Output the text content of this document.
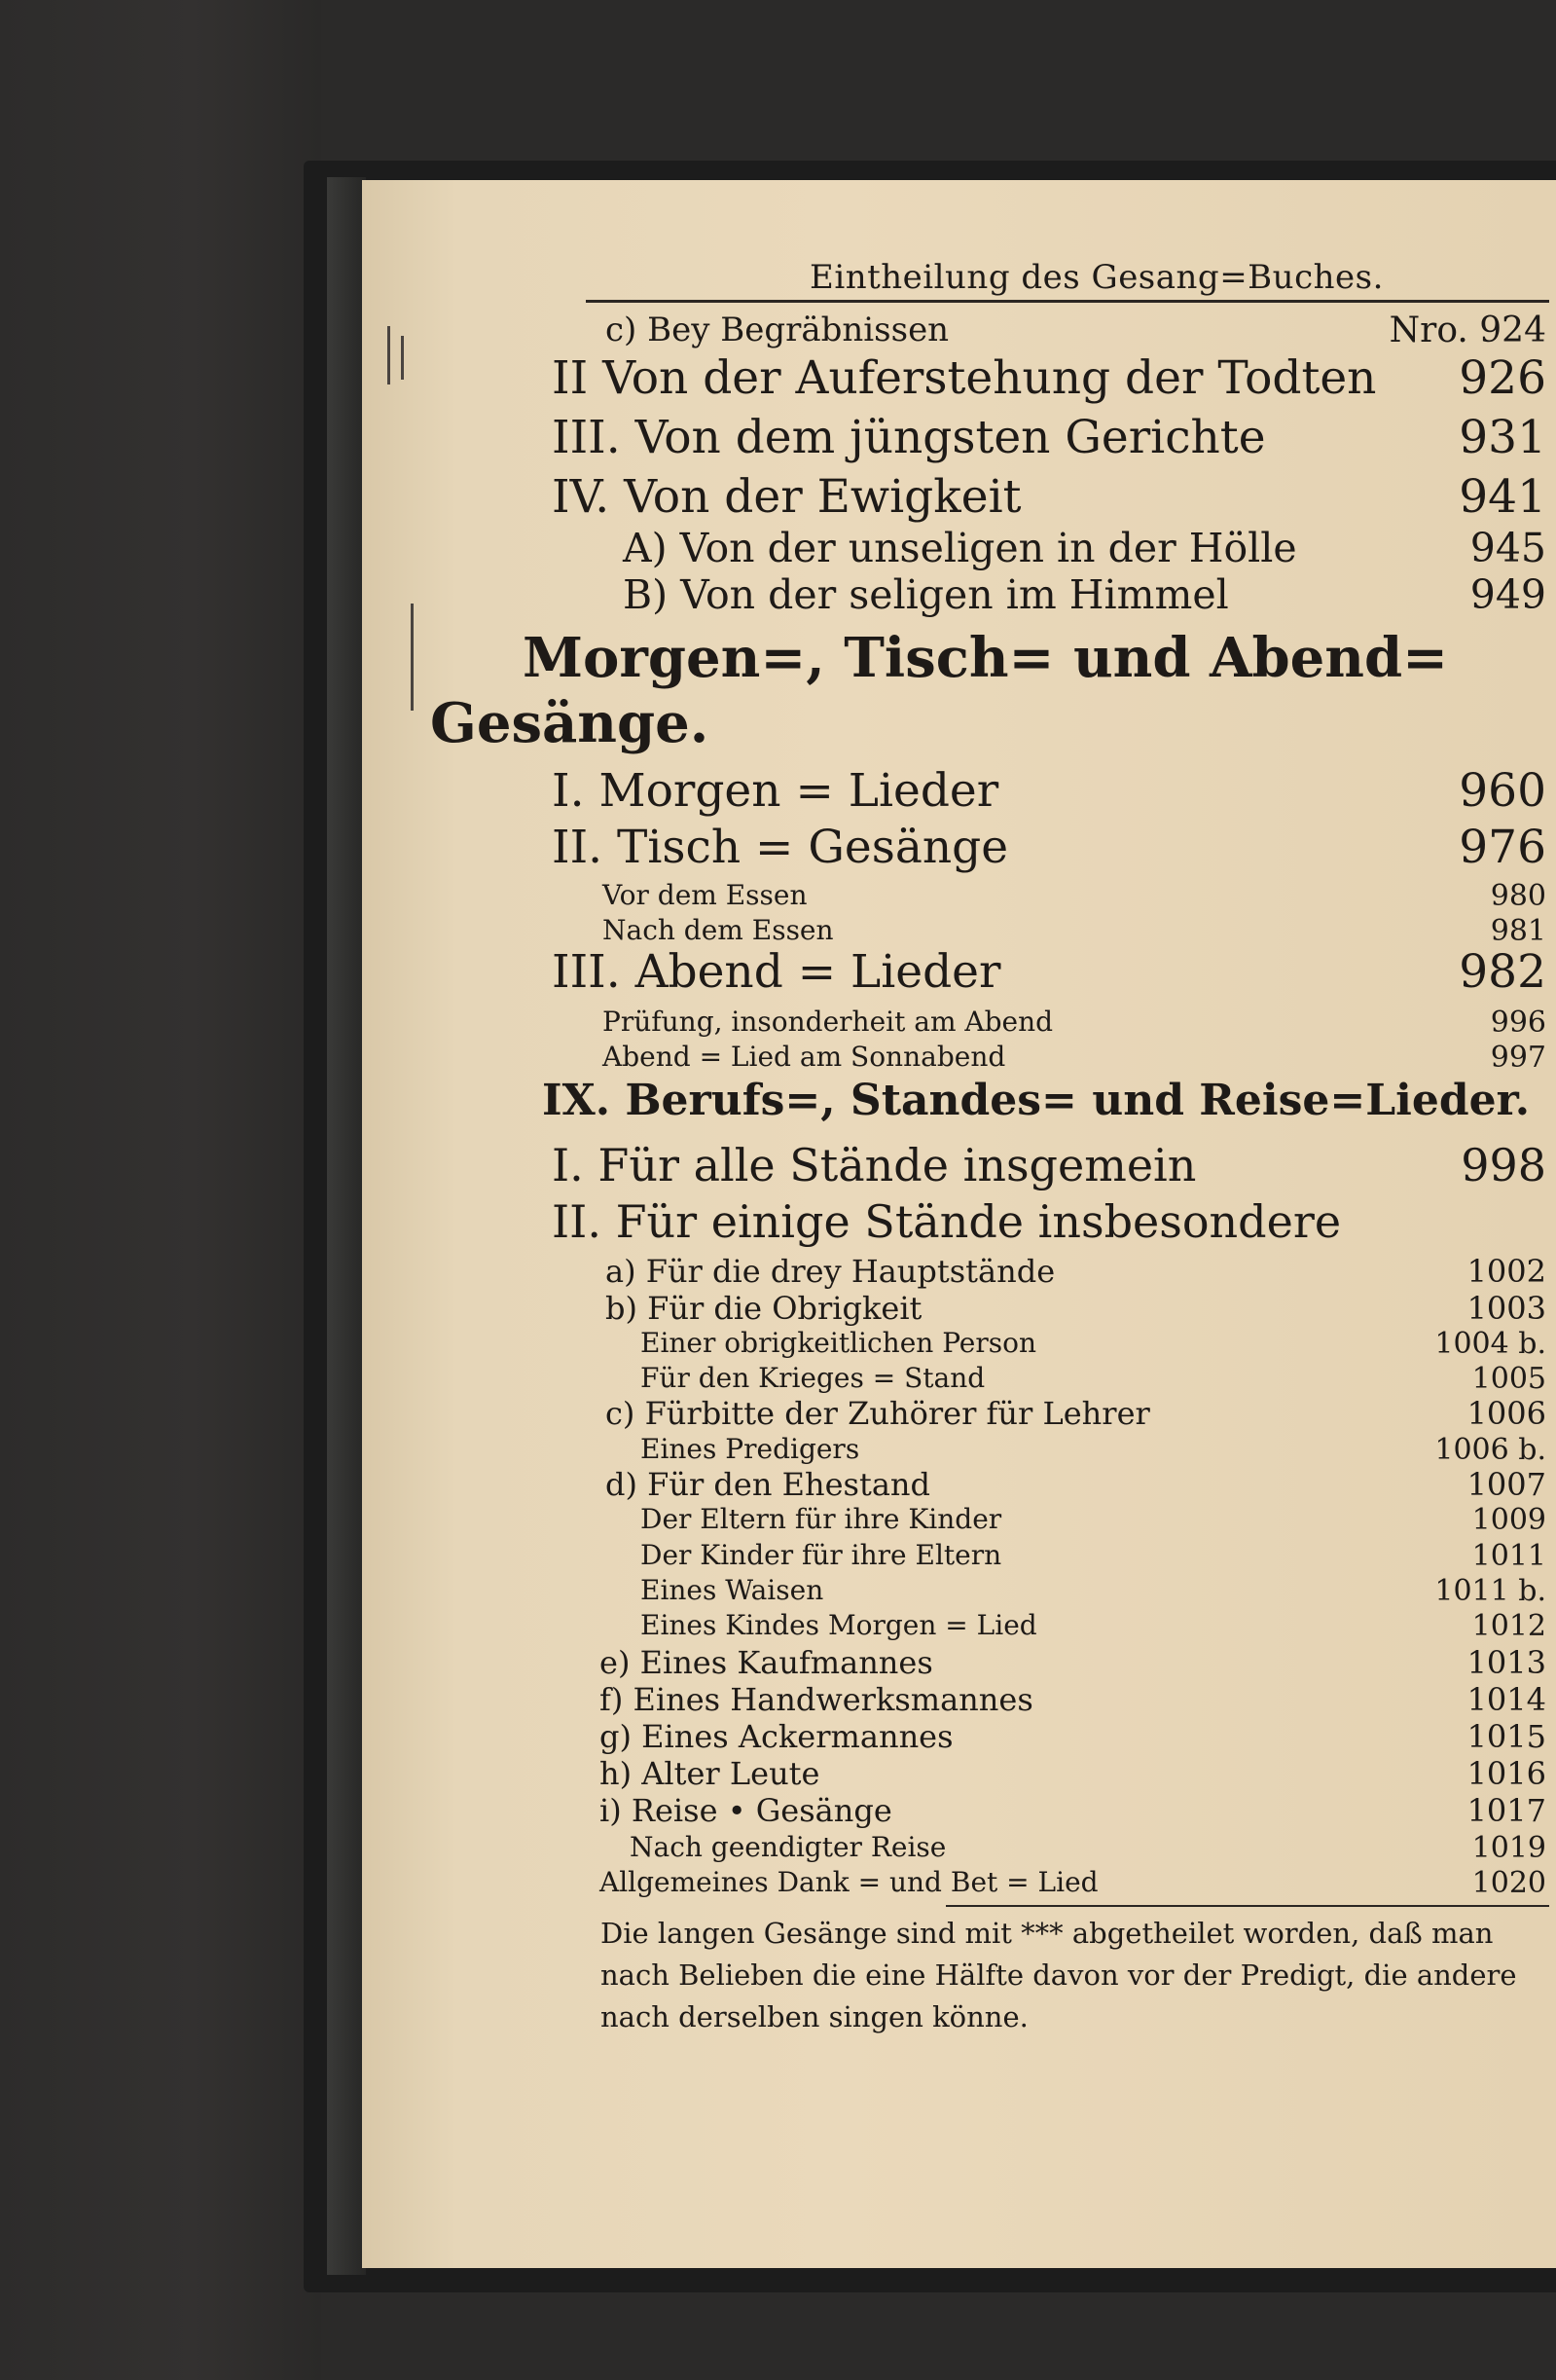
Eintheilung des Gesang=Buches.
c) Bey Begräbnissen	Nro. 924
II Von der Auferstehung der Todten 926
III. Von dem jüngsten Gerichte	931
IV. Von der Ewigkeit	941
A) Von der unseligen in der Hölle	945
B) Von der seligen im Himmel	949
Morgen=, Tisch= und Abend=
Gesänge.
I. Morgen = Lieder	960
II. Tisch = Gesänge	976
Vor dem Essen	980
Nach dem Essen	981
III. Abend = Lieder	982
Prüfung, insonderheit am Abend	996
Abend = Lied am Sonnabend	997
IX. Berufs=, Standes= und Reise=Lieder.
I. Für alle Stände insgemein	998
II. Für einige Stände insbesondere
a) Für die drey Hauptstände	1002
b) Für die Obrigkeit	1003
Einer obrigkeitlichen Person	1004 b.
Für den Krieges = Stand	1005
c) Fürbitte der Zuhörer für Lehrer	1006
Eines Predigers	1006 b.
d) Für den Ehestand	1007
Der Eltern für ihre Kinder	1009
Der Kinder für ihre Eltern	1011
Eines Waisen	1011 b.
Eines Kindes Morgen = Lied	1012
e) Eines Kaufmannes	1013
f) Eines Handwerksmannes	1014
g) Eines Ackermannes	1015
h) Alter Leute	1016
i) Reise • Gesänge	1017
Nach geendigter Reise	1019
Allgemeines Dank = und Bet = Lied	1020
Die langen Gesänge sind mit *** abgetheilet worden, daß man
nach Belieben die eine Hälfte davon vor der Predigt, die andere
nach derselben singen könne.
